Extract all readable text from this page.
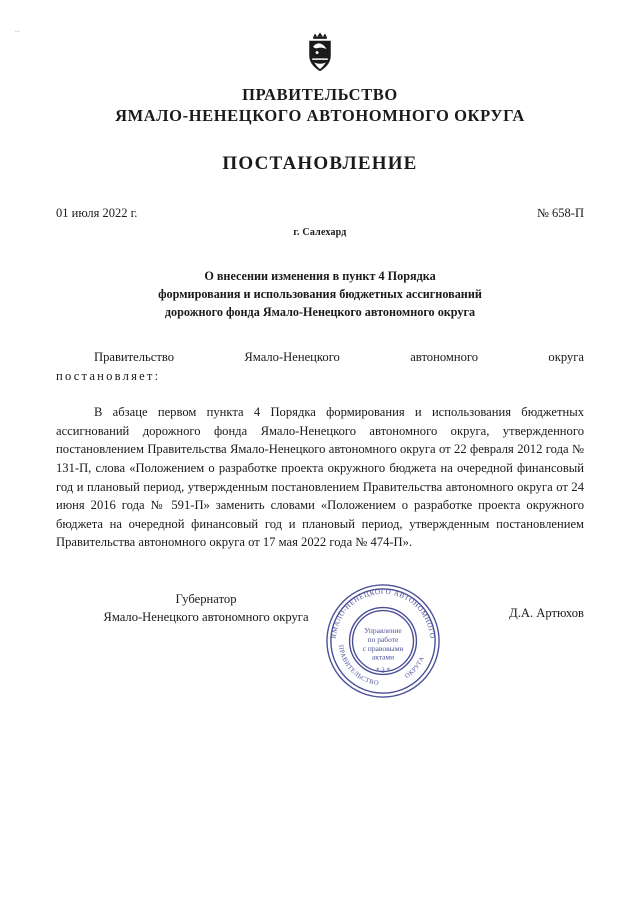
᠃
ПРАВИТЕЛЬСТВО
ЯМАЛО-НЕНЕЦКОГО АВТОНОМНОГО ОКРУГА
ПОСТАНОВЛЕНИЕ
01 июля 2022 г.	№ 658-П
г. Салехард
О внесении изменения в пункт 4 Порядка
формирования и использования бюджетных ассигнований
дорожного фонда Ямало-Ненецкого автономного округа
Правительство Ямало-Ненецкого автономного округа
постановляет:
В абзаце первом пункта 4 Порядка формирования и использования бюджетных ассигнований дорожного фонда Ямало-Ненецкого автономного округа, утвержденного постановлением Правительства Ямало-Ненецкого автономного округа от 22 февраля 2012 года № 131-П, слова «Положением о разработке проекта окружного бюджета на очередной финансовый год и плановый период, утвержденным постановлением Правительства автономного округа от 24 июня 2016 года № 591-П» заменить словами «Положением о разработке проекта окружного бюджета на очередной финансовый год и плановый период, утвержденным постановлением Правительства автономного округа от 17 мая 2022 года № 474-П».
Губернатор
Ямало-Ненецкого автономного округа	Д.А. Артюхов
ЯМАЛО-НЕНЕЦКОГО АВТОНОМНОГО
ПРАВИТЕЛЬСТВО
ОКРУГА
Управление
по работе
с правовыми
актами
* 2 *
